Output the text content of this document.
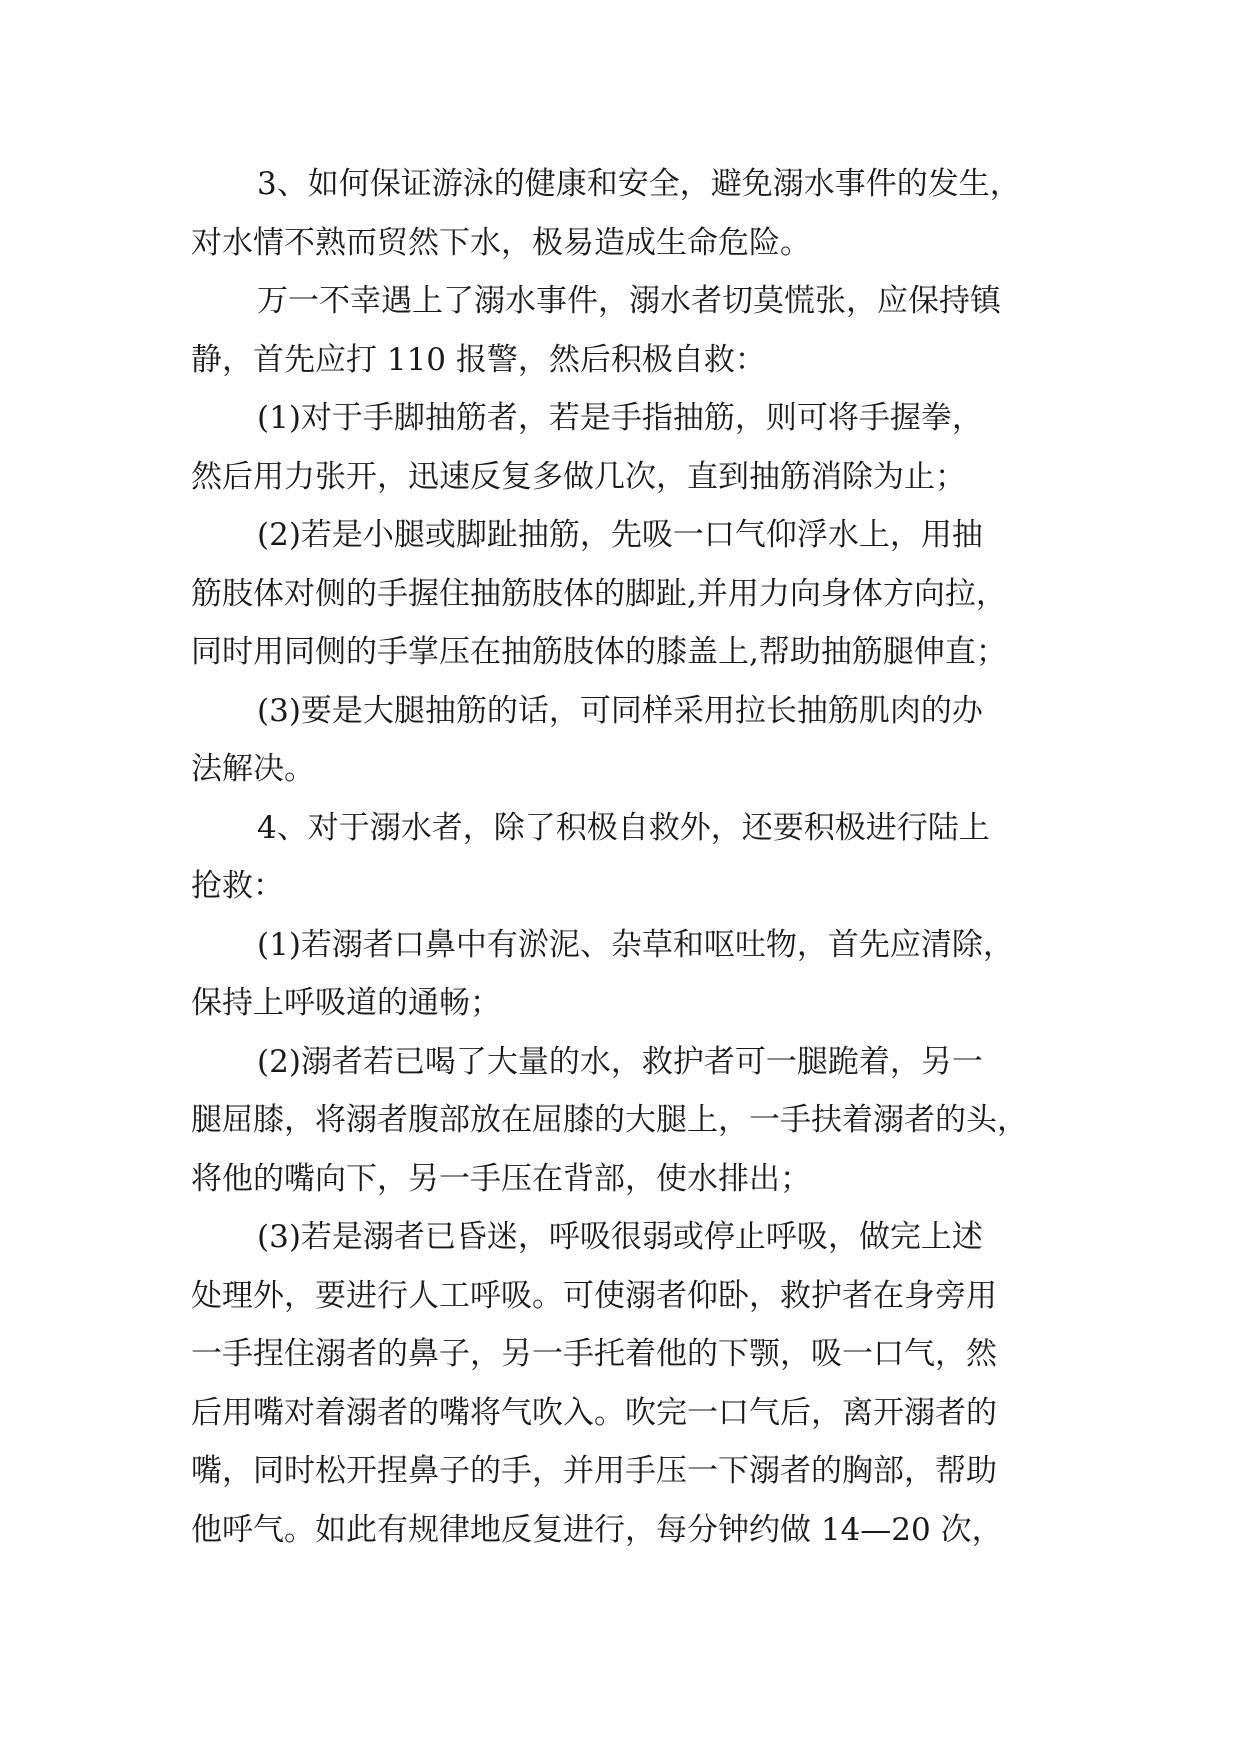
3、如何保证游泳的健康和安全，避免溺水事件的发生，
对水情不熟而贸然下水，极易造成生命危险。
万一不幸遇上了溺水事件，溺水者切莫慌张，应保持镇
静，首先应打 110 报警，然后积极自救：
(1)对于手脚抽筋者，若是手指抽筋，则可将手握拳，
然后用力张开，迅速反复多做几次，直到抽筋消除为止；
(2)若是小腿或脚趾抽筋，先吸一口气仰浮水上，用抽
筋肢体对侧的手握住抽筋肢体的脚趾,并用力向身体方向拉，
同时用同侧的手掌压在抽筋肢体的膝盖上,帮助抽筋腿伸直；
(3)要是大腿抽筋的话，可同样采用拉长抽筋肌肉的办
法解决。
4、对于溺水者，除了积极自救外，还要积极进行陆上
抢救：
(1)若溺者口鼻中有淤泥、杂草和呕吐物，首先应清除，
保持上呼吸道的通畅；
(2)溺者若已喝了大量的水，救护者可一腿跪着，另一
腿屈膝，将溺者腹部放在屈膝的大腿上，一手扶着溺者的头，
将他的嘴向下，另一手压在背部，使水排出；
(3)若是溺者已昏迷，呼吸很弱或停止呼吸，做完上述
处理外，要进行人工呼吸。可使溺者仰卧，救护者在身旁用
一手捏住溺者的鼻子，另一手托着他的下颚，吸一口气，然
后用嘴对着溺者的嘴将气吹入。吹完一口气后，离开溺者的
嘴，同时松开捏鼻子的手，并用手压一下溺者的胸部，帮助
他呼气。如此有规律地反复进行，每分钟约做 14—20 次，
